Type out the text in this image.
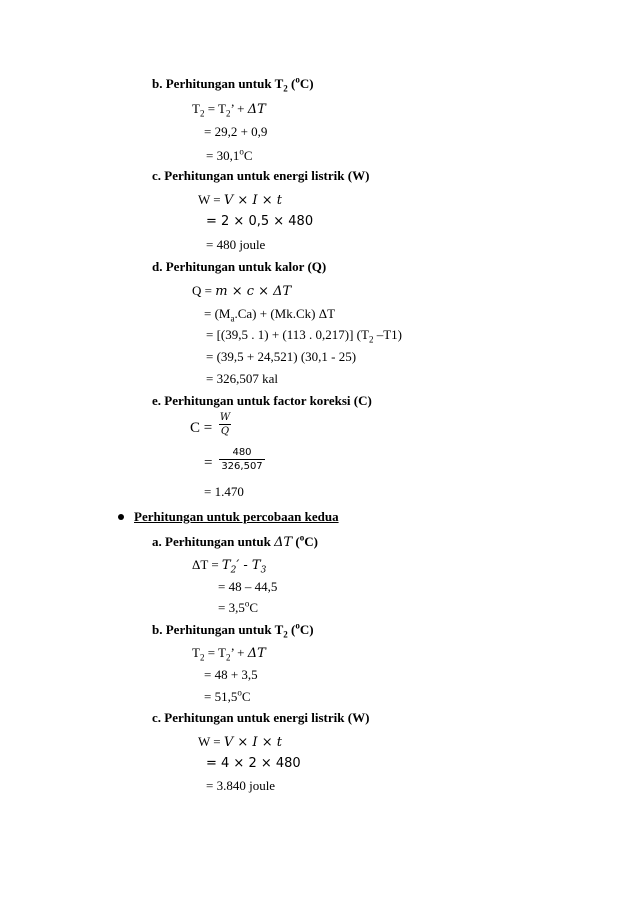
b. Perhitungan untuk $T_2$ ($^o$C)
$T_2 = T_2$’ + ΔT
= 29,2 + 0,9
= $30,1^oC$
c. Perhitungan untuk energi listrik (W)
W = V × I × t
= 2 × 0,5 × 480
= 480 joule
d. Perhitungan untuk kalor (Q)
Q = m × c × ΔT
= $(M_a.Ca) + (Mk.Ck)$ ΔT
= [(39,5 . 1) + (113 . 0,217)] ($T_2$ –T1)
= (39,5 + 24,521) (30,1 - 25)
= 326,507 kal
e. Perhitungan untuk factor koreksi (C)
C =
W
Q
=
480
326,507
= 1.470
Perhitungan untuk percobaan kedua
a. Perhitungan untuk ΔT ($^o$C)
$\Delta T = T_2' - T_3$
= 48 – 44,5
= $3,5^oC$
b. Perhitungan untuk $T_2$ ($^o$C)
$T_2 = T_2$’ + ΔT
= 48 + 3,5
= $51,5^oC$
c. Perhitungan untuk energi listrik (W)
W = V × I × t
= 4 × 2 × 480
= 3.840 joule
